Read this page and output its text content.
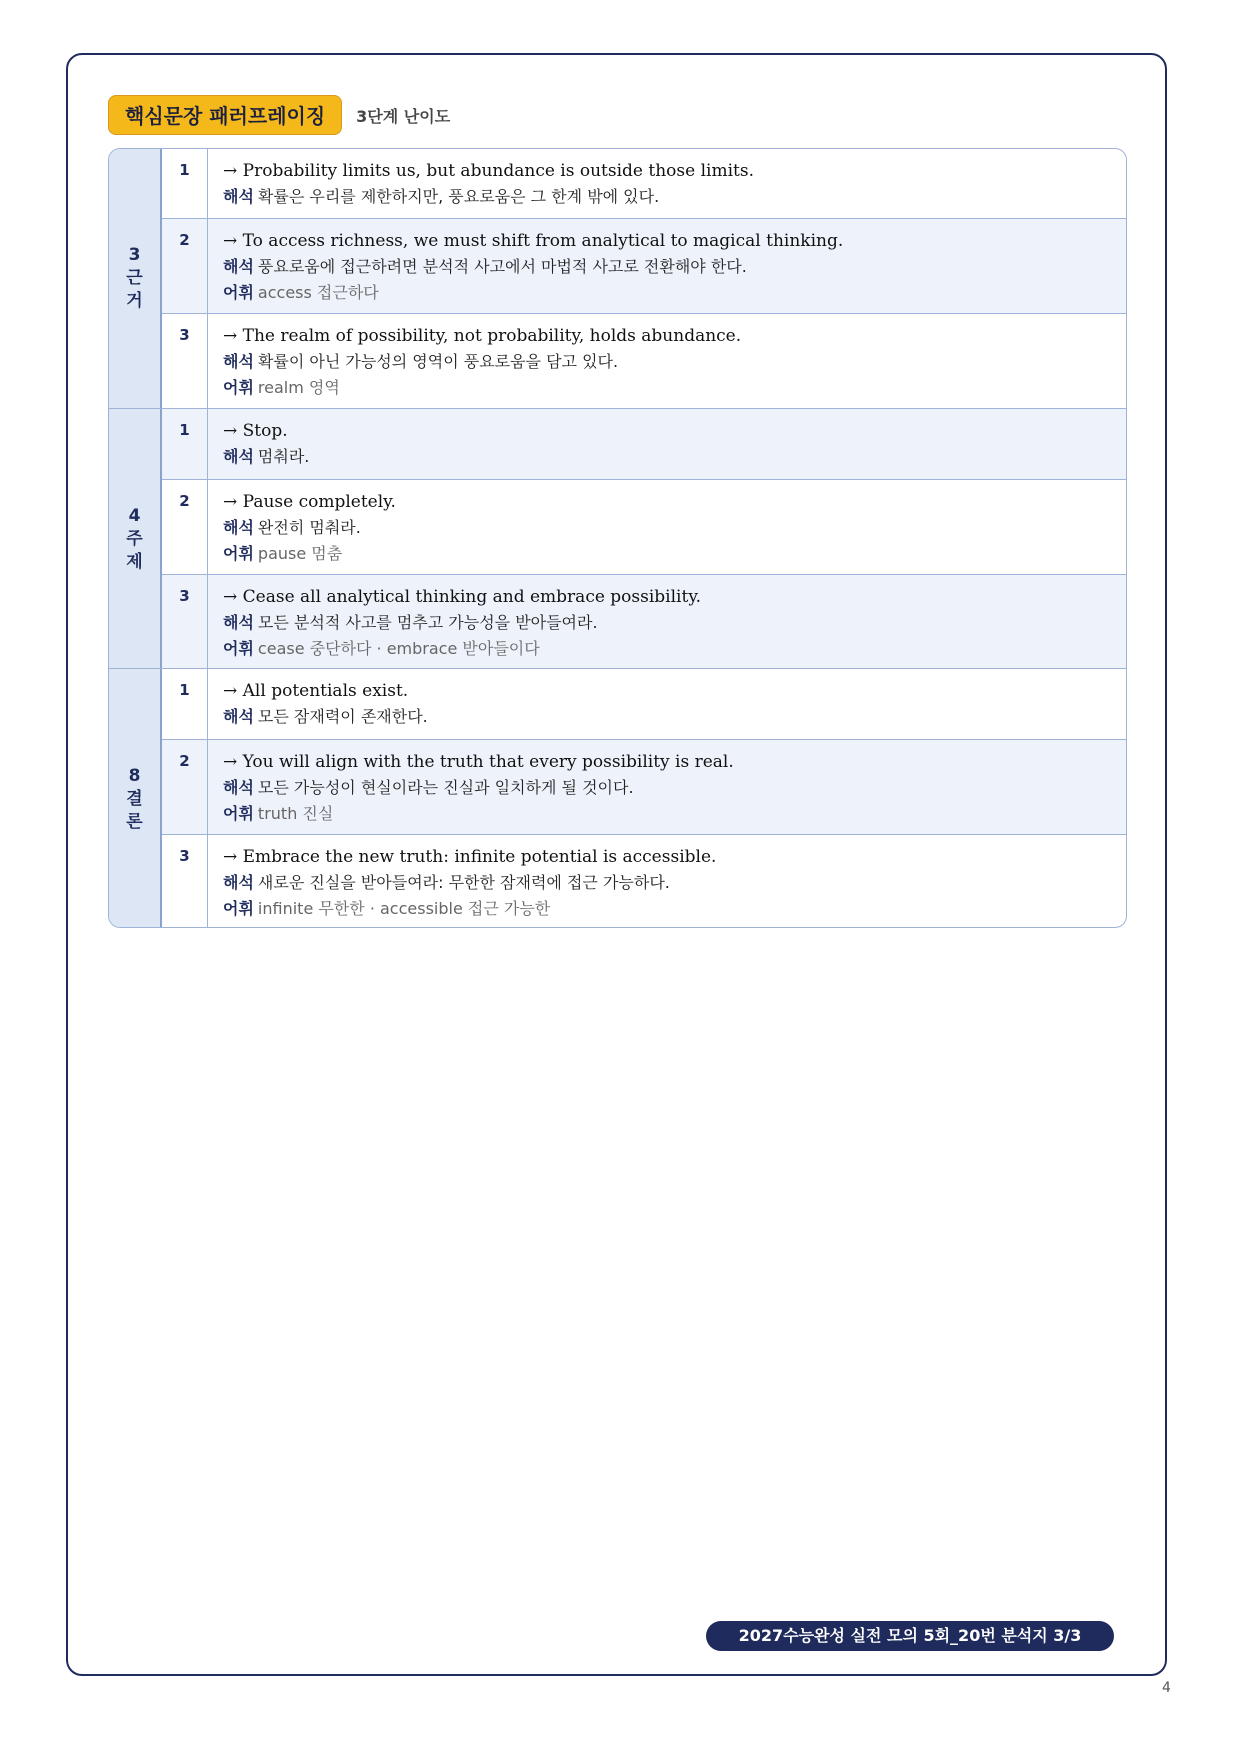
핵심문장 패러프레이징	3단계 난이도
3
근
거
1	→ Probability limits us, but abundance is outside those limits.
해석 확률은 우리를 제한하지만, 풍요로움은 그 한계 밖에 있다.
2	→ To access richness, we must shift from analytical to magical thinking.
해석 풍요로움에 접근하려면 분석적 사고에서 마법적 사고로 전환해야 한다.
어휘 access 접근하다
3	→ The realm of possibility, not probability, holds abundance.
해석 확률이 아닌 가능성의 영역이 풍요로움을 담고 있다.
어휘 realm 영역
4
주
제
1	→ Stop.
해석 멈춰라.
2	→ Pause completely.
해석 완전히 멈춰라.
어휘 pause 멈춤
3	→ Cease all analytical thinking and embrace possibility.
해석 모든 분석적 사고를 멈추고 가능성을 받아들여라.
어휘 cease 중단하다 · embrace 받아들이다
8
결
론
1	→ All potentials exist.
해석 모든 잠재력이 존재한다.
2	→ You will align with the truth that every possibility is real.
해석 모든 가능성이 현실이라는 진실과 일치하게 될 것이다.
어휘 truth 진실
3	→ Embrace the new truth: infinite potential is accessible.
해석 새로운 진실을 받아들여라: 무한한 잠재력에 접근 가능하다.
어휘 infinite 무한한 · accessible 접근 가능한
2027수능완성 실전 모의 5회_20번 분석지 3/3
4
